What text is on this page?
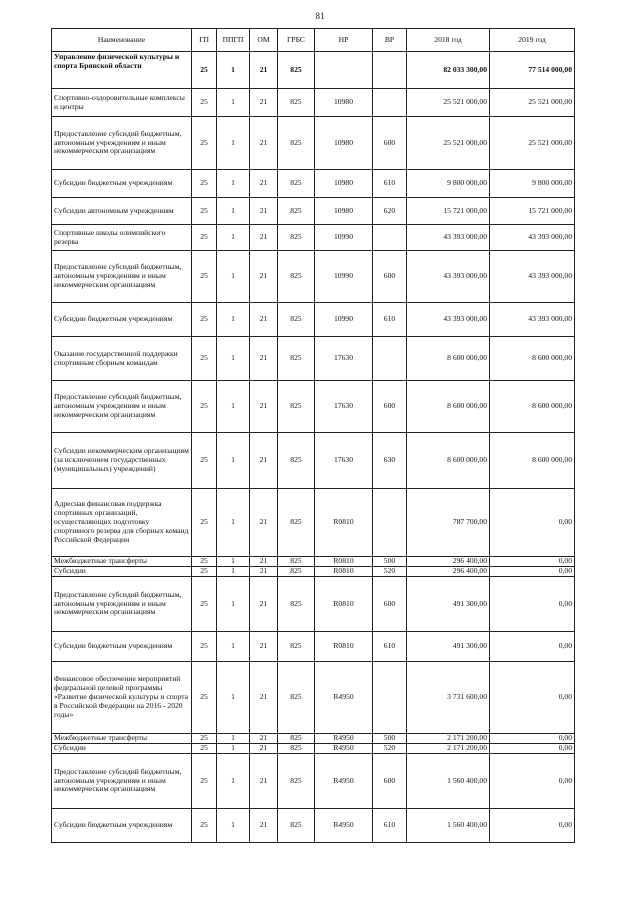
81
Наименование	ГП	ППГП	ОМ	ГРБС	НР	ВР	2018 год	2019 год
Управление физической культуры и спорта Брянской области	25	1	21	825			82 033 300,00	77 514 000,00
Спортивно-оздоровительные комплексы и центры	25	1	21	825	10980		25 521 000,00	25 521 000,00
Предоставление субсидий бюджетным, автономным учреждениям и иным некоммерческим организациям	25	1	21	825	10980	600	25 521 000,00	25 521 000,00
Субсидии бюджетным учреждениям	25	1	21	825	10980	610	9 800 000,00	9 800 000,00
Субсидии автономным учреждениям	25	1	21	825	10980	620	15 721 000,00	15 721 000,00
Спортивные школы олимпийского резерва	25	1	21	825	10990		43 393 000,00	43 393 000,00
Предоставление субсидий бюджетным, автономным учреждениям и иным некоммерческим организациям	25	1	21	825	10990	600	43 393 000,00	43 393 000,00
Субсидии бюджетным учреждениям	25	1	21	825	10990	610	43 393 000,00	43 393 000,00
Оказание государственной поддержки спортивным сборным командам	25	1	21	825	17630		8 600 000,00	8 600 000,00
Предоставление субсидий бюджетным, автономным учреждениям и иным некоммерческим организациям	25	1	21	825	17630	600	8 600 000,00	8 600 000,00
Субсидии некоммерческим организациям (за исключением государственных (муниципальных) учреждений)	25	1	21	825	17630	630	8 600 000,00	8 600 000,00
Адресная финансовая поддержка спортивных организаций, осуществляющих подготовку спортивного резерва для сборных команд Российской Федерации	25	1	21	825	R0810		787 700,00	0,00
Межбюджетные трансферты	25	1	21	825	R0810	500	296 400,00	0,00
Субсидии	25	1	21	825	R0810	520	296 400,00	0,00
Предоставление субсидий бюджетным, автономным учреждениям и иным некоммерческим организациям	25	1	21	825	R0810	600	491 300,00	0,00
Субсидии бюджетным учреждениям	25	1	21	825	R0810	610	491 300,00	0,00
Финансовое обеспечение мероприятий федеральной целевой программы «Развитие физической культуры и спорта в Российской Федерации на 2016 - 2020 годы»	25	1	21	825	R4950		3 731 600,00	0,00
Межбюджетные трансферты	25	1	21	825	R4950	500	2 171 200,00	0,00
Субсидии	25	1	21	825	R4950	520	2 171 200,00	0,00
Предоставление субсидий бюджетным, автономным учреждениям и иным некоммерческим организациям	25	1	21	825	R4950	600	1 560 400,00	0,00
Субсидии бюджетным учреждениям	25	1	21	825	R4950	610	1 560 400,00	0,00
